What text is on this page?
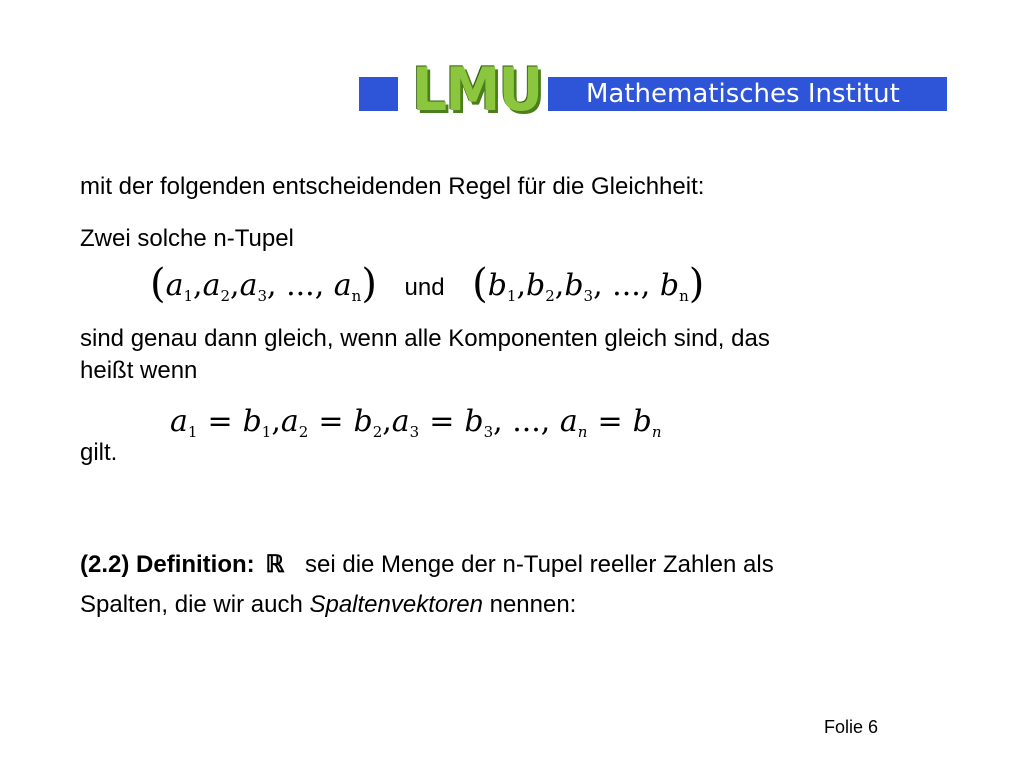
LMU	Mathematisches Institut
mit der folgenden entscheidenden Regel für die Gleichheit:
Zwei solche n-Tupel
($a_1,a_2,a_3$, ..., $a_n$) und ($b_1,b_2,b_3$, ..., $b_n$)
sind genau dann gleich, wenn alle Komponenten gleich sind, das
heißt wenn
$a_1 = b_1,a_2 = b_2,a_3 = b_3$, ..., $a_n = b_n$
gilt.
(2.2) Definition: ℝ sei die Menge der n-Tupel reeller Zahlen als
Spalten, die wir auch Spaltenvektoren nennen:
Folie 6
